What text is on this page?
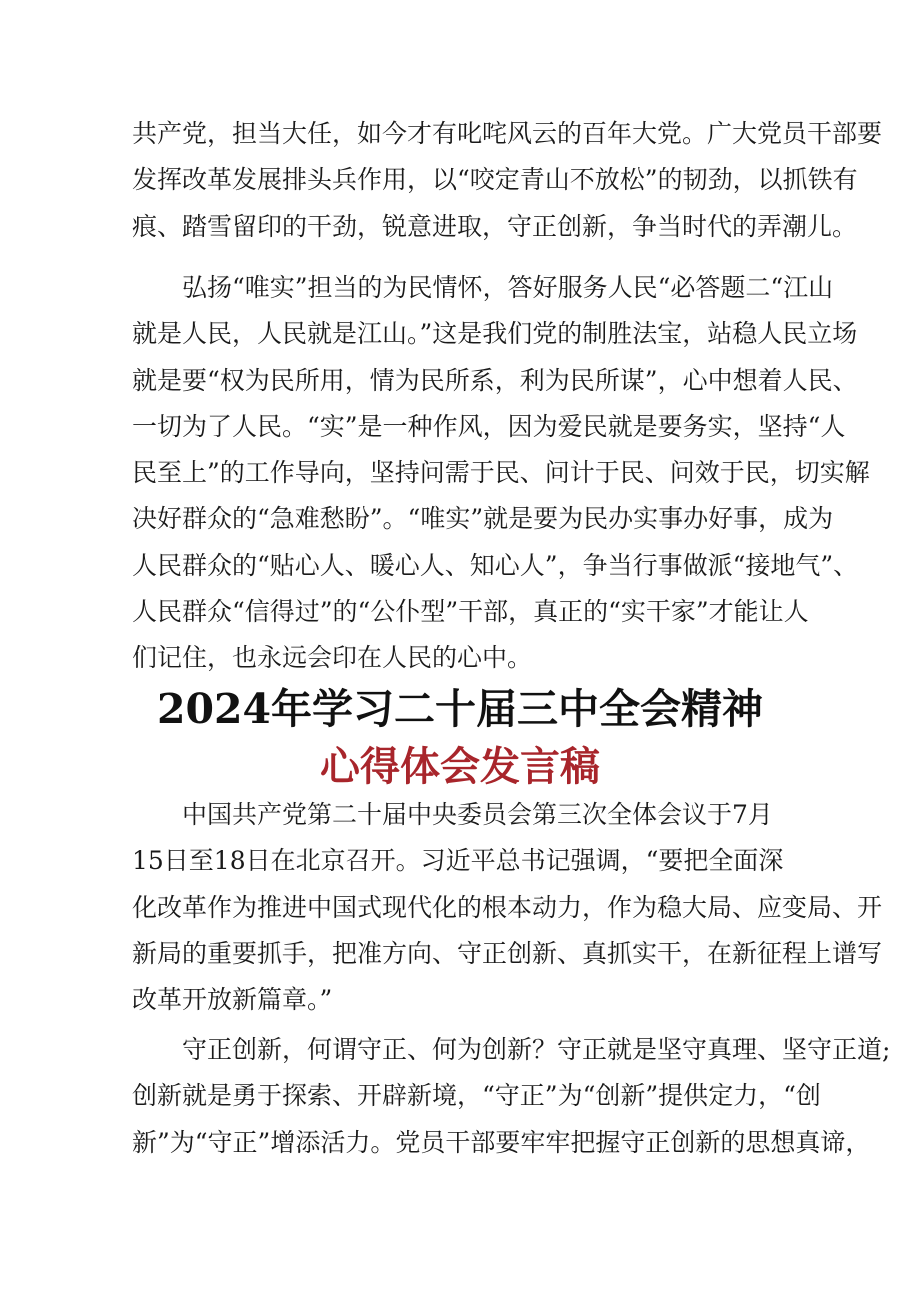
共产党，担当大任，如今才有叱咤风云的百年大党。广大党员干部要
发挥改革发展排头兵作用，以“咬定青山不放松”的韧劲，以抓铁有
痕、踏雪留印的干劲，锐意进取，守正创新，争当时代的弄潮儿。
弘扬“唯实”担当的为民情怀，答好服务人民“必答题二“江山
就是人民，人民就是江山。”这是我们党的制胜法宝，站稳人民立场
就是要“权为民所用，情为民所系，利为民所谋”，心中想着人民、
一切为了人民。“实”是一种作风，因为爱民就是要务实，坚持“人
民至上”的工作导向，坚持问需于民、问计于民、问效于民，切实解
决好群众的“急难愁盼”。“唯实”就是要为民办实事办好事，成为
人民群众的“贴心人、暖心人、知心人”，争当行事做派“接地气”、
人民群众“信得过”的“公仆型”干部，真正的“实干家”才能让人
们记住，也永远会印在人民的心中。
2024年学习二十届三中全会精神
心得体会发言稿
中国共产党第二十届中央委员会第三次全体会议于7月
15日至18日在北京召开。习近平总书记强调，“要把全面深
化改革作为推进中国式现代化的根本动力，作为稳大局、应变局、开
新局的重要抓手，把准方向、守正创新、真抓实干，在新征程上谱写
改革开放新篇章。”
守正创新，何谓守正、何为创新？守正就是坚守真理、坚守正道;
创新就是勇于探索、开辟新境，“守正”为“创新”提供定力，“创
新”为“守正”增添活力。党员干部要牢牢把握守正创新的思想真谛，
